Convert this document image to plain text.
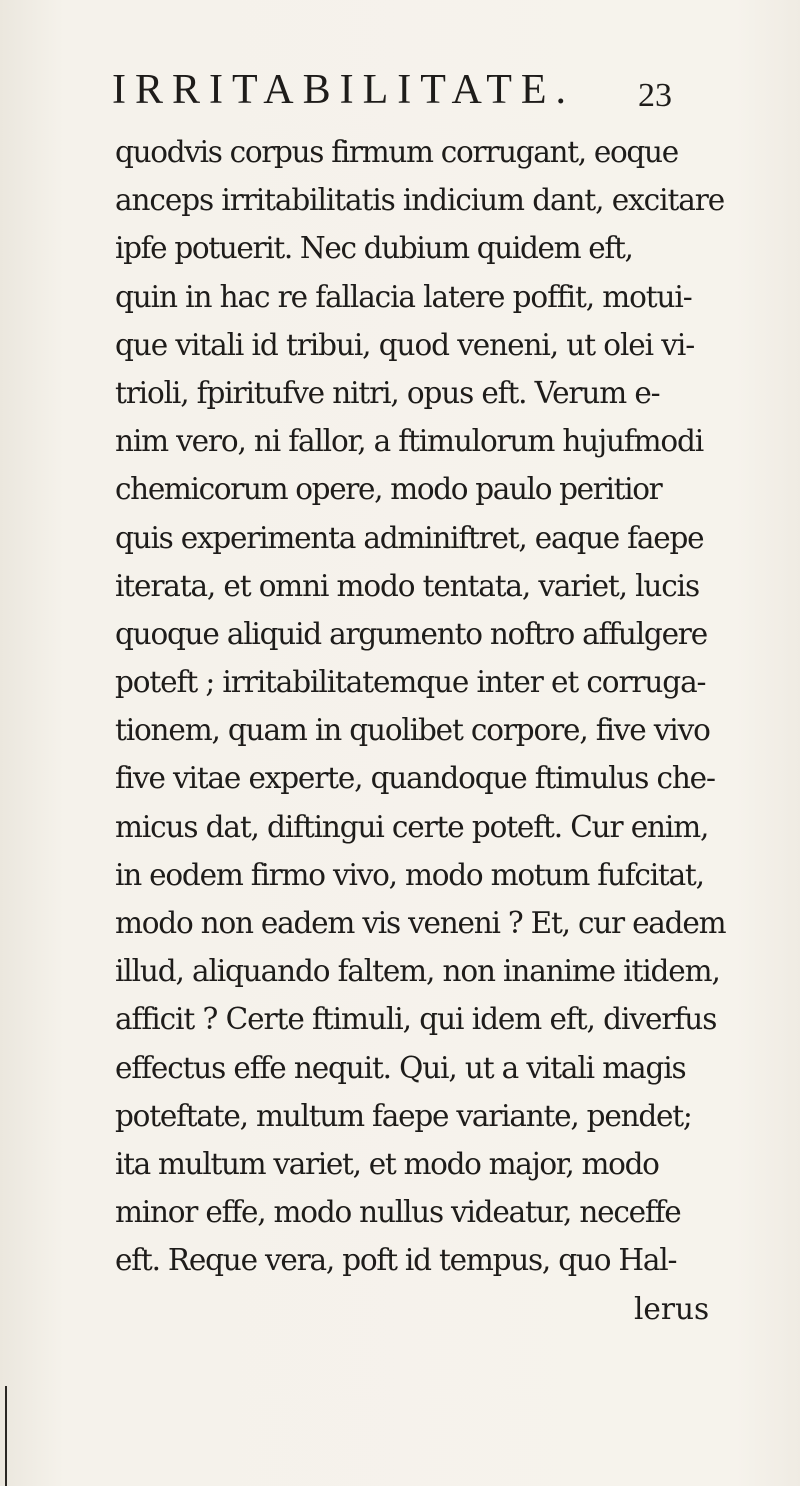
IRRITABILITATE. 23
quodvis corpus firmum corrugant, eoque
anceps irritabilitatis indicium dant, excitare
ipfe potuerit. Nec dubium quidem eft,
quin in hac re fallacia latere poffit, motui-
que vitali id tribui, quod veneni, ut olei vi-
trioli, fpiritufve nitri, opus eft. Verum e-
nim vero, ni fallor, a ftimulorum hujufmodi
chemicorum opere, modo paulo peritior
quis experimenta adminiftret, eaque faepe
iterata, et omni modo tentata, variet, lucis
quoque aliquid argumento noftro affulgere
poteft ; irritabilitatemque inter et corruga-
tionem, quam in quolibet corpore, five vivo
five vitae experte, quandoque ftimulus che-
micus dat, diftingui certe poteft. Cur enim,
in eodem firmo vivo, modo motum fufcitat,
modo non eadem vis veneni ? Et, cur eadem
illud, aliquando faltem, non inanime itidem,
afficit ? Certe ftimuli, qui idem eft, diverfus
effectus effe nequit. Qui, ut a vitali magis
poteftate, multum faepe variante, pendet;
ita multum variet, et modo major, modo
minor effe, modo nullus videatur, neceffe
eft. Reque vera, poft id tempus, quo Hal-
lerus
